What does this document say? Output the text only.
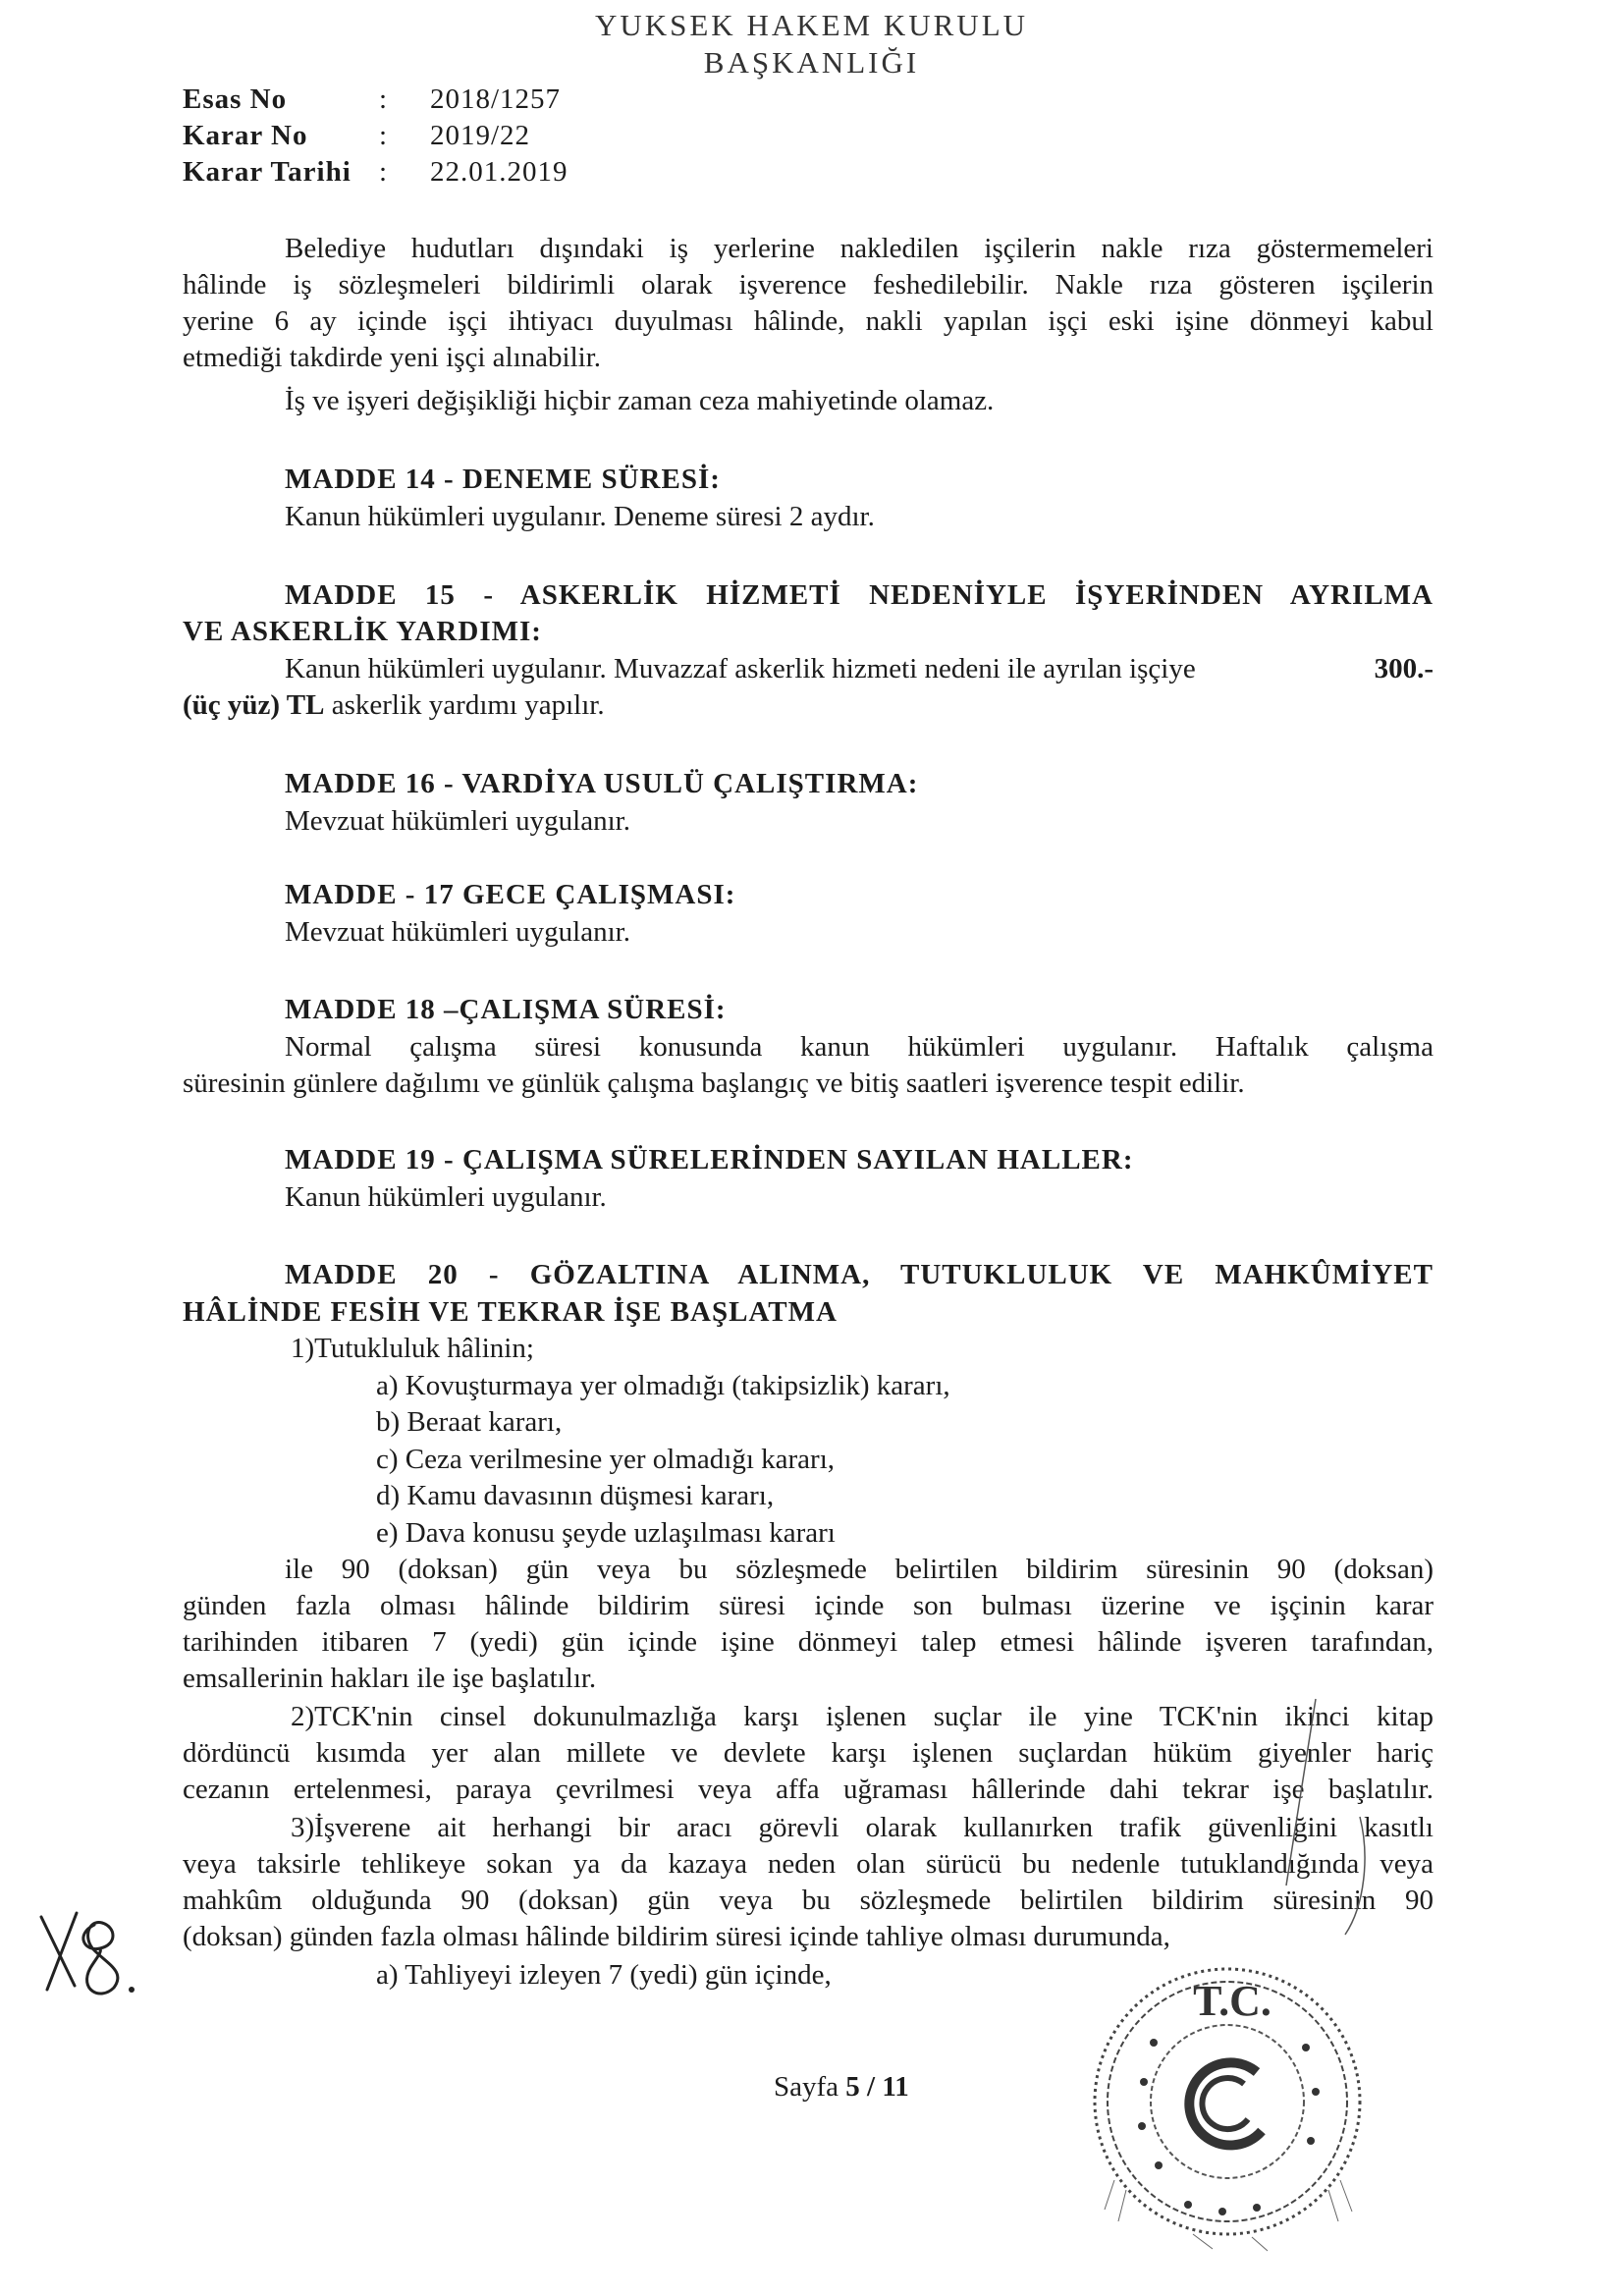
YUKSEK HAKEM KURULU
BAŞKANLIĞI
Esas No	:	2018/1257
Karar No	:	2019/22
Karar Tarihi :	22.01.2019
Belediye hudutları dışındaki iş yerlerine nakledilen işçilerin nakle rıza göstermemeleri
hâlinde iş sözleşmeleri bildirimli olarak işverence feshedilebilir. Nakle rıza gösteren işçilerin
yerine 6 ay içinde işçi ihtiyacı duyulması hâlinde, nakli yapılan işçi eski işine dönmeyi kabul
etmediği takdirde yeni işçi alınabilir.
İş ve işyeri değişikliği hiçbir zaman ceza mahiyetinde olamaz.
MADDE 14 - DENEME SÜRESİ:
Kanun hükümleri uygulanır. Deneme süresi 2 aydır.
MADDE 15 - ASKERLİK HİZMETİ NEDENİYLE İŞYERİNDEN AYRILMA
VE ASKERLİK YARDIMI:
Kanun hükümleri uygulanır. Muvazzaf askerlik hizmeti nedeni ile ayrılan işçiye	300.-
(üç yüz) TL askerlik yardımı yapılır.
MADDE 16 - VARDİYA USULÜ ÇALIŞTIRMA:
Mevzuat hükümleri uygulanır.
MADDE - 17 GECE ÇALIŞMASI:
Mevzuat hükümleri uygulanır.
MADDE 18 –ÇALIŞMA SÜRESİ:
Normal çalışma süresi konusunda kanun hükümleri uygulanır. Haftalık çalışma
süresinin günlere dağılımı ve günlük çalışma başlangıç ve bitiş saatleri işverence tespit edilir.
MADDE 19 - ÇALIŞMA SÜRELERİNDEN SAYILAN HALLER:
Kanun hükümleri uygulanır.
MADDE 20 - GÖZALTINA ALINMA, TUTUKLULUK VE MAHKÛMİYET
HÂLİNDE FESİH VE TEKRAR İŞE BAŞLATMA
1)Tutukluluk hâlinin;
a) Kovuşturmaya yer olmadığı (takipsizlik) kararı,
b) Beraat kararı,
c) Ceza verilmesine yer olmadığı kararı,
d) Kamu davasının düşmesi kararı,
e) Dava konusu şeyde uzlaşılması kararı
ile 90 (doksan) gün veya bu sözleşmede belirtilen bildirim süresinin 90 (doksan)
günden fazla olması hâlinde bildirim süresi içinde son bulması üzerine ve işçinin karar
tarihinden itibaren 7 (yedi) gün içinde işine dönmeyi talep etmesi hâlinde işveren tarafından,
emsallerinin hakları ile işe başlatılır.
2)TCK'nin cinsel dokunulmazlığa karşı işlenen suçlar ile yine TCK'nin ikinci kitap
dördüncü kısımda yer alan millete ve devlete karşı işlenen suçlardan hüküm giyenler hariç
cezanın ertelenmesi, paraya çevrilmesi veya affa uğraması hâllerinde dahi tekrar işe başlatılır.
3)İşverene ait herhangi bir aracı görevli olarak kullanırken trafik güvenliğini kasıtlı
veya taksirle tehlikeye sokan ya da kazaya neden olan sürücü bu nedenle tutuklandığında veya
mahkûm olduğunda 90 (doksan) gün veya bu sözleşmede belirtilen bildirim süresinin 90
(doksan) günden fazla olması hâlinde bildirim süresi içinde tahliye olması durumunda,
a) Tahliyeyi izleyen 7 (yedi) gün içinde,
Sayfa 5 / 11
T.C.
